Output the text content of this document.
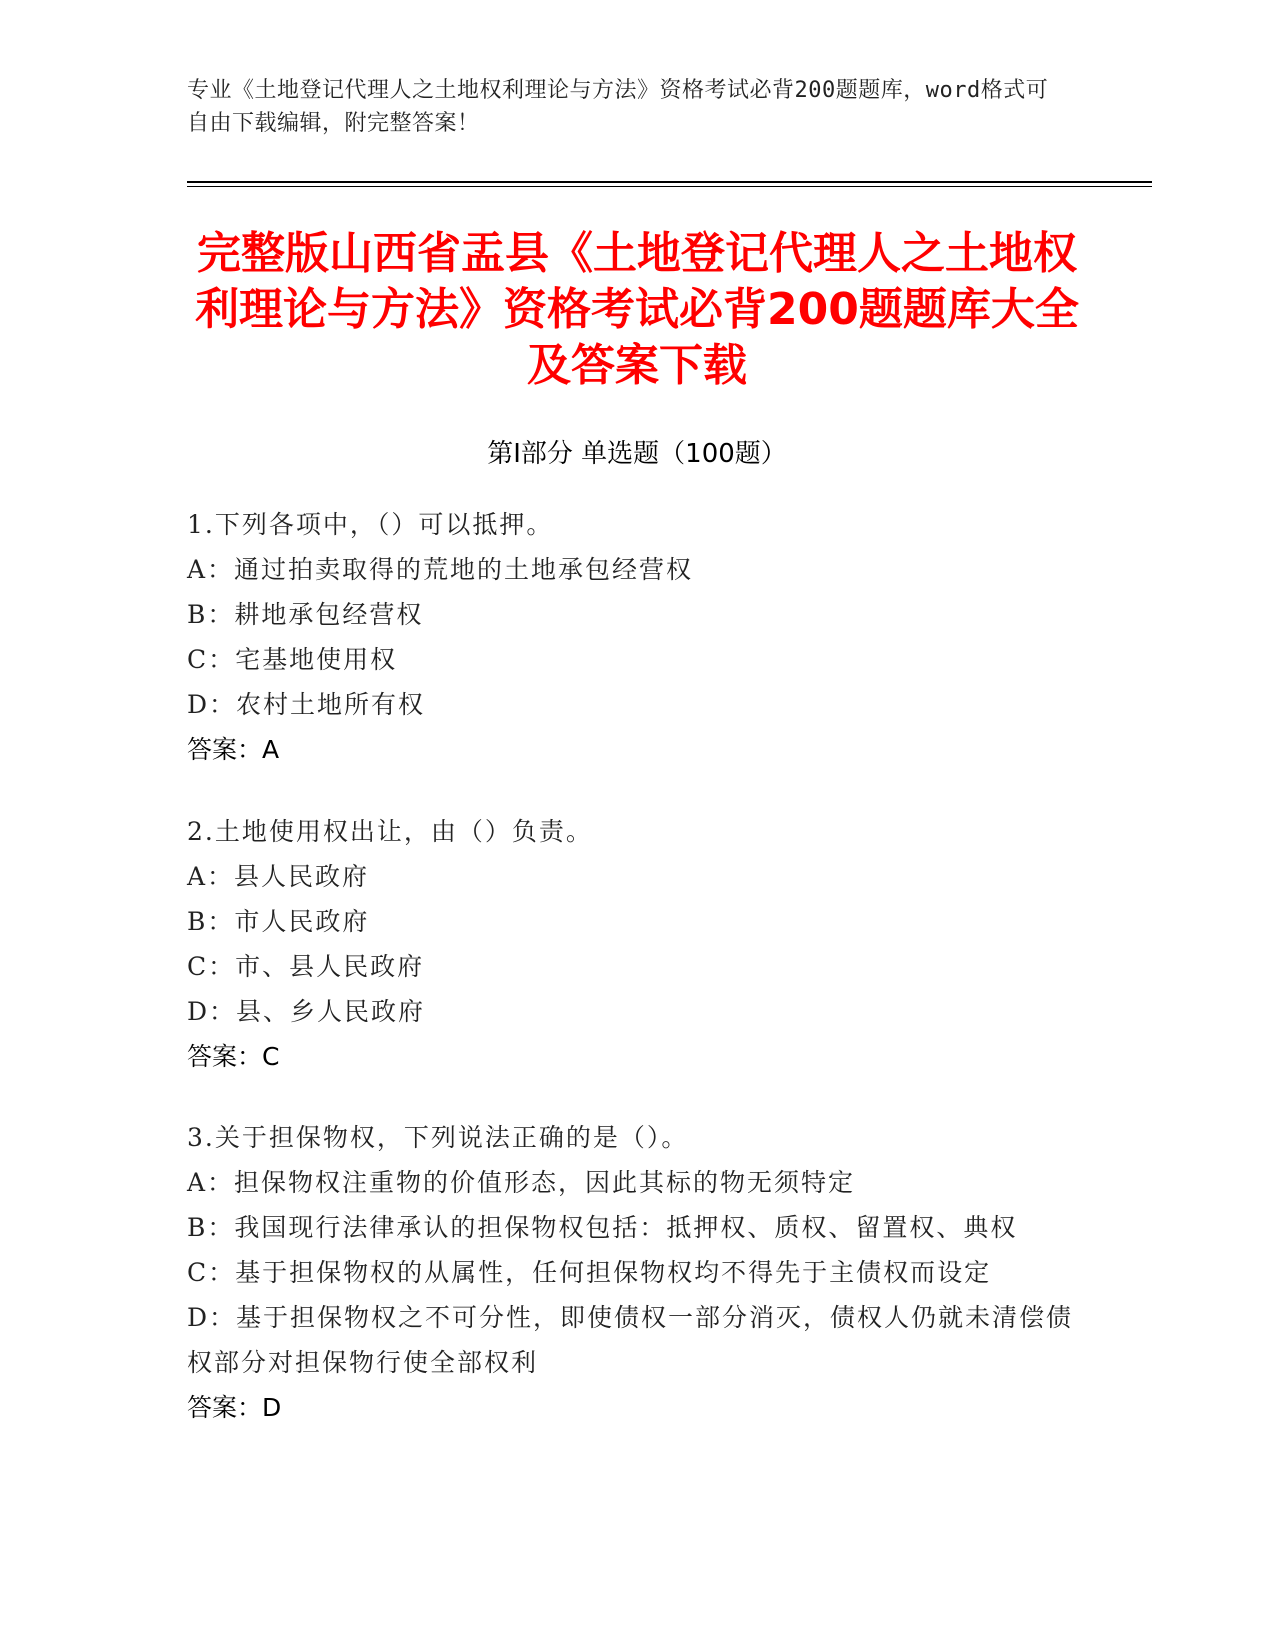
专业《土地登记代理人之土地权利理论与方法》资格考试必背200题题库，word格式可自由下载编辑，附完整答案！
完整版山西省盂县《土地登记代理人之土地权利理论与方法》资格考试必背200题题库大全及答案下载
第I部分 单选题（100题）
1.下列各项中，（）可以抵押。
A：通过拍卖取得的荒地的土地承包经营权
B：耕地承包经营权
C：宅基地使用权
D：农村土地所有权
答案：A
2.土地使用权出让，由（）负责。
A：县人民政府
B：市人民政府
C：市、县人民政府
D：县、乡人民政府
答案：C
3.关于担保物权，下列说法正确的是（）。
A：担保物权注重物的价值形态，因此其标的物无须特定
B：我国现行法律承认的担保物权包括：抵押权、质权、留置权、典权
C：基于担保物权的从属性，任何担保物权均不得先于主债权而设定
D：基于担保物权之不可分性，即使债权一部分消灭，债权人仍就未清偿债权部分对担保物行使全部权利
答案：D
